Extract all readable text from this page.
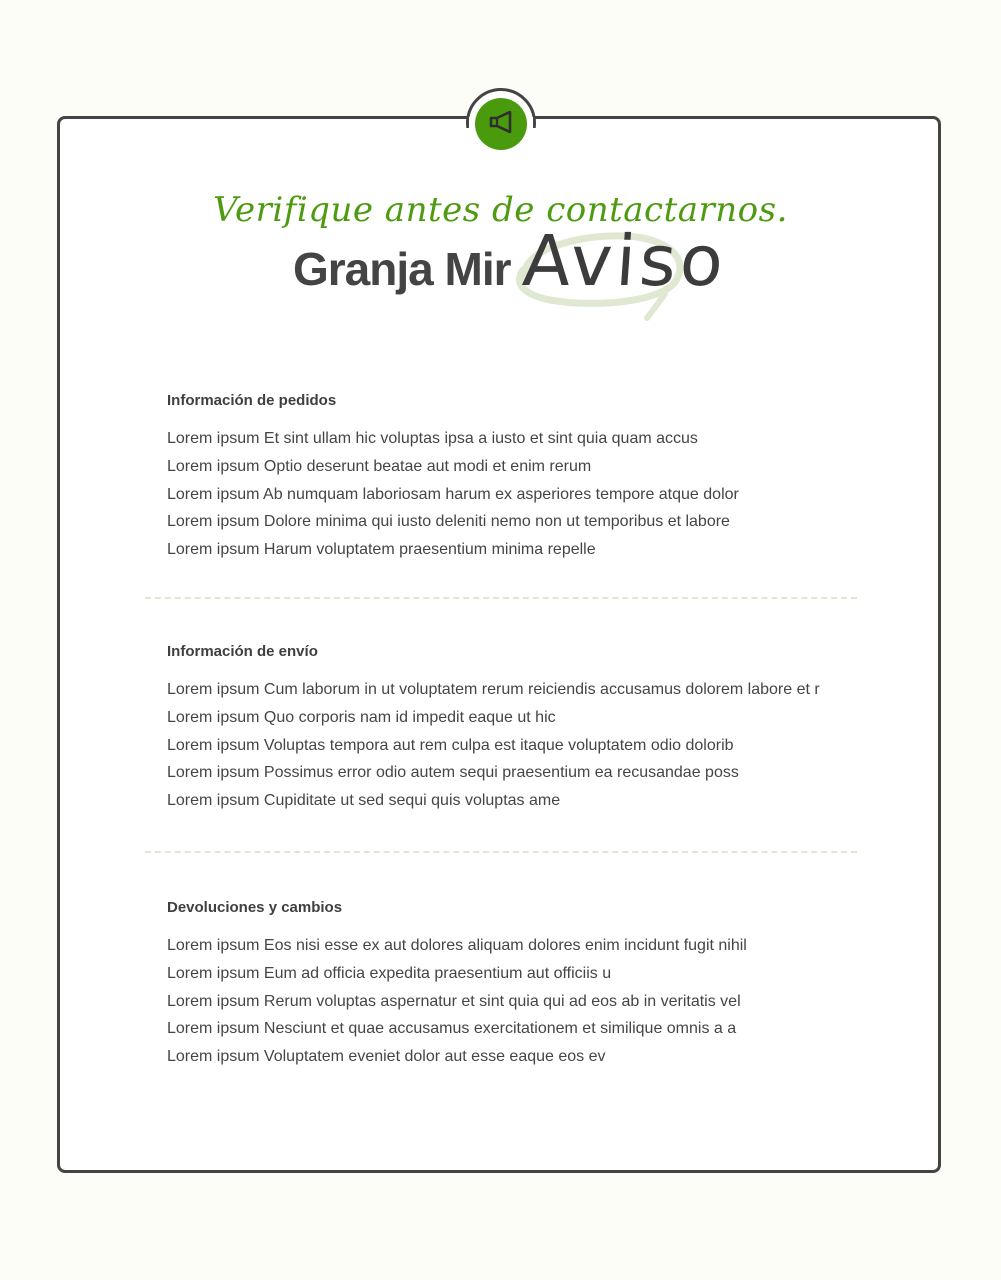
Verifique antes de contactarnos.
Granja Mir Aviso
Información de pedidos
Lorem ipsum Et sint ullam hic voluptas ipsa a iusto et sint quia quam accus
Lorem ipsum Optio deserunt beatae aut modi et enim rerum
Lorem ipsum Ab numquam laboriosam harum ex asperiores tempore atque dolor
Lorem ipsum Dolore minima qui iusto deleniti nemo non ut temporibus et labore
Lorem ipsum Harum voluptatem praesentium minima repelle
Información de envío
Lorem ipsum Cum laborum in ut voluptatem rerum reiciendis accusamus dolorem labore et r
Lorem ipsum Quo corporis nam id impedit eaque ut hic
Lorem ipsum Voluptas tempora aut rem culpa est itaque voluptatem odio dolorib
Lorem ipsum Possimus error odio autem sequi praesentium ea recusandae poss
Lorem ipsum Cupiditate ut sed sequi quis voluptas ame
Devoluciones y cambios
Lorem ipsum Eos nisi esse ex aut dolores aliquam dolores enim incidunt fugit nihil
Lorem ipsum Eum ad officia expedita praesentium aut officiis u
Lorem ipsum Rerum voluptas aspernatur et sint quia qui ad eos ab in veritatis vel
Lorem ipsum Nesciunt et quae accusamus exercitationem et similique omnis a a
Lorem ipsum Voluptatem eveniet dolor aut esse eaque eos ev
